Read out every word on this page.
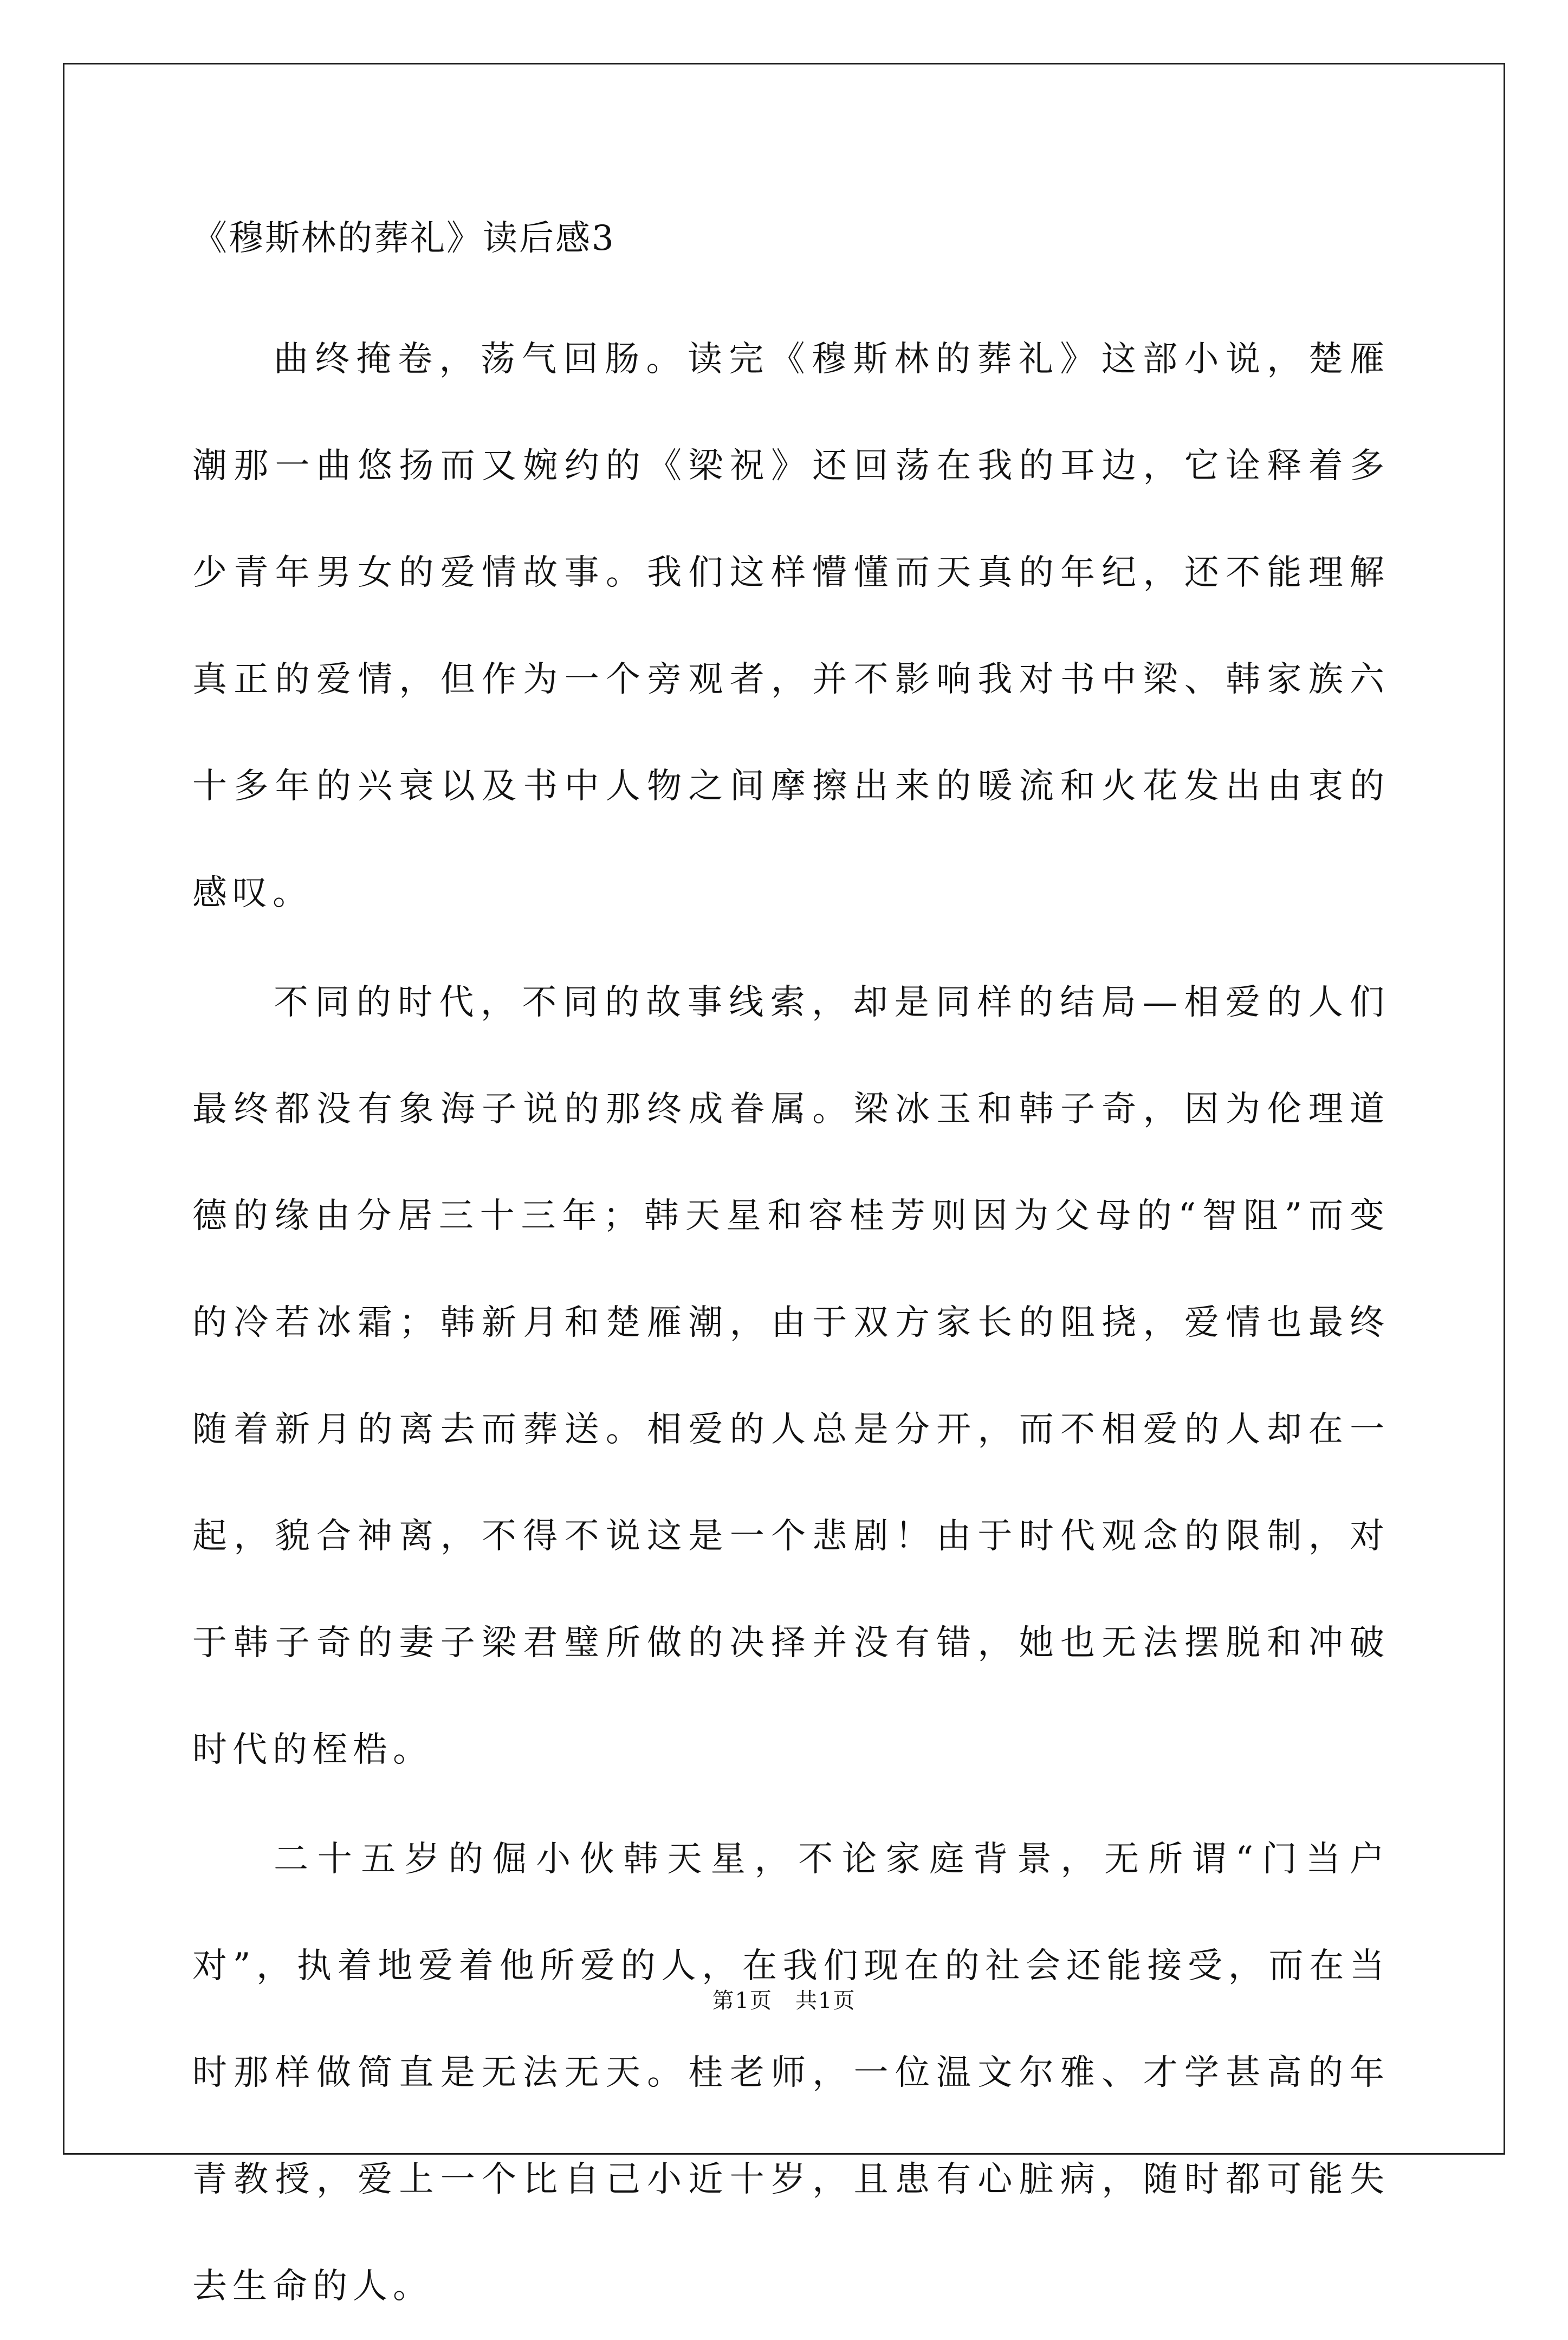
《穆斯林的葬礼》读后感3

曲终掩卷，荡气回肠。读完《穆斯林的葬礼》这部小说，楚雁潮那一曲悠扬而又婉约的《梁祝》还回荡在我的耳边，它诠释着多少青年男女的爱情故事。我们这样懵懂而天真的年纪，还不能理解真正的爱情，但作为一个旁观者，并不影响我对书中梁、韩家族六十多年的兴衰以及书中人物之间摩擦出来的暖流和火花发出由衷的感叹。

不同的时代，不同的故事线索，却是同样的结局—相爱的人们最终都没有象海子说的那终成眷属。梁冰玉和韩子奇，因为伦理道德的缘由分居三十三年；韩天星和容桂芳则因为父母的“智阻”而变的冷若冰霜；韩新月和楚雁潮，由于双方家长的阻挠，爱情也最终随着新月的离去而葬送。相爱的人总是分开，而不相爱的人却在一起，貌合神离，不得不说这是一个悲剧！由于时代观念的限制，对于韩子奇的妻子梁君璧所做的决择并没有错，她也无法摆脱和冲破时代的桎梏。

二十五岁的倔小伙韩天星，不论家庭背景，无所谓“门当户对”，执着地爱着他所爱的人，在我们现在的社会还能接受，而在当时那样做简直是无法无天。桂老师，一位温文尔雅、才学甚高的年青教授，爱上一个比自己小近十岁，且患有心脏病，随时都可能失去生命的人。

第1页　共1页
